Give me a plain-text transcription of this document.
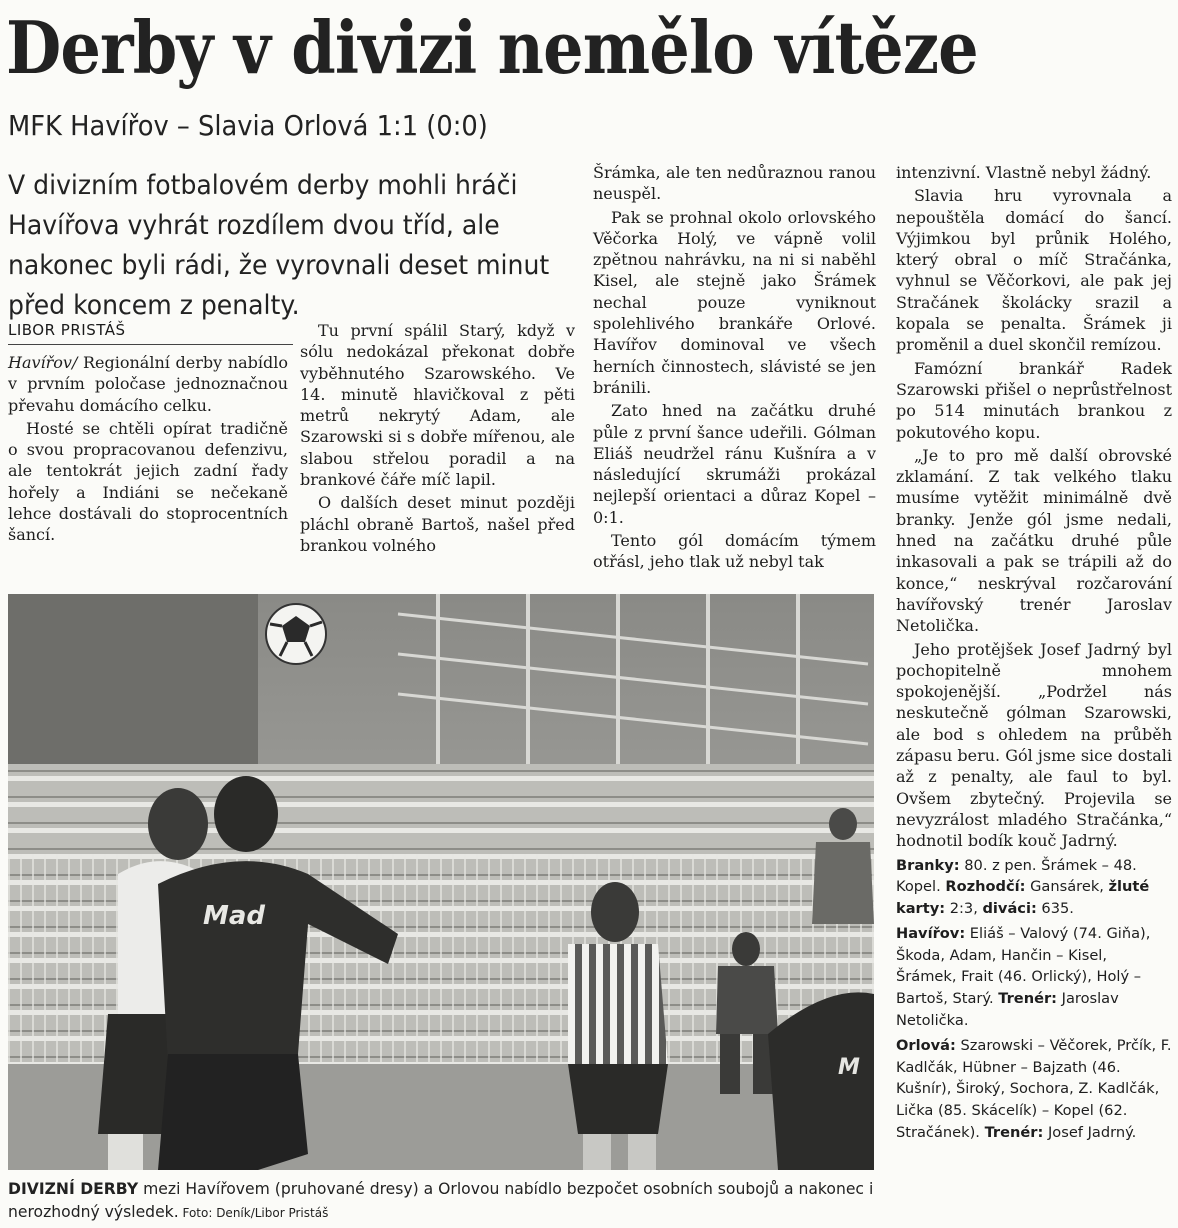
Derby v divizi nemělo vítěze
MFK Havířov – Slavia Orlová 1:1 (0:0)
V divizním fotbalovém derby mohli hráči
Havířova vyhrát rozdílem dvou tříd, ale
nakonec byli rádi, že vyrovnali deset minut
před koncem z penalty.
LIBOR PRISTÁŠ

Havířov/ Regionální derby nabídlo v prvním poločase jednoznačnou převahu domácího celku.

Hosté se chtěli opírat tradičně o svou propracovanou defenzivu, ale tentokrát jejich zadní řady hořely a Indiáni se nečekaně lehce dostávali do stoprocentních šancí.

Tu první spálil Starý, když v sólu nedokázal překonat dobře vyběhnutého Szarowského. Ve 14. minutě hlavičkoval z pěti metrů nekrytý Adam, ale Szarowski si s dobře mířenou, ale slabou střelou poradil a na brankové čáře míč lapil.

O dalších deset minut později pláchl obraně Bartoš, našel před brankou volného

Šrámka, ale ten nedůraznou ranou neuspěl.

Pak se prohnal okolo orlovského Věčorka Holý, ve vápně volil zpětnou nahrávku, na ni si naběhl Kisel, ale stejně jako Šrámek nechal pouze vyniknout spolehlivého brankáře Orlové. Havířov dominoval ve všech herních činnostech, slávisté se jen bránili.

Zato hned na začátku druhé půle z první šance udeřili. Gólman Eliáš neudržel ránu Kušníra a v následující skrumáži prokázal nejlepší orientaci a důraz Kopel – 0:1.

Tento gól domácím týmem otřásl, jeho tlak už nebyl tak

intenzivní. Vlastně nebyl žádný.

Slavia hru vyrovnala a nepouštěla domácí do šancí. Výjimkou byl průnik Holého, který obral o míč Stračánka, vyhnul se Věčorkovi, ale pak jej Stračánek školácky srazil a kopala se penalta. Šrámek ji proměnil a duel skončil remízou.

Famózní brankář Radek Szarowski přišel o neprůstřelnost po 514 minutách brankou z pokutového kopu.

„Je to pro mě další obrovské zklamání. Z tak velkého tlaku musíme vytěžit minimálně dvě branky. Jenže gól jsme nedali, hned na začátku druhé půle inkasovali a pak se trápili až do konce,“ neskrýval rozčarování havířovský trenér Jaroslav Netolička.

Jeho protějšek Josef Jadrný byl pochopitelně mnohem spokojenější. „Podržel nás neskutečně gólman Szarowski, ale bod s ohledem na průběh zápasu beru. Gól jsme sice dostali až z penalty, ale faul to byl. Ovšem zbytečný. Projevila se nevyzrálost mladého Stračánka,“ hodnotil bodík kouč Jadrný.

Branky: 80. z pen. Šrámek – 48. Kopel. Rozhodčí: Gansárek, žluté karty: 2:3, diváci: 635.

Havířov: Eliáš – Valový (74. Giňa), Škoda, Adam, Hančin – Kisel, Šrámek, Frait (46. Orlický), Holý – Bartoš, Starý. Trenér: Jaroslav Netolička.

Orlová: Szarowski – Věčorek, Prčík, F. Kadlčák, Hübner – Bajzath (46. Kušnír), Široký, Sochora, Z. Kadlčák, Lička (85. Skácelík) – Kopel (62. Stračánek). Trenér: Josef Jadrný.

Mad
M
DIVIZNÍ DERBY mezi Havířovem (pruhované dresy) a Orlovou nabídlo bezpočet osobních soubojů a nakonec i nerozhodný výsledek. Foto: Deník/Libor Pristáš
